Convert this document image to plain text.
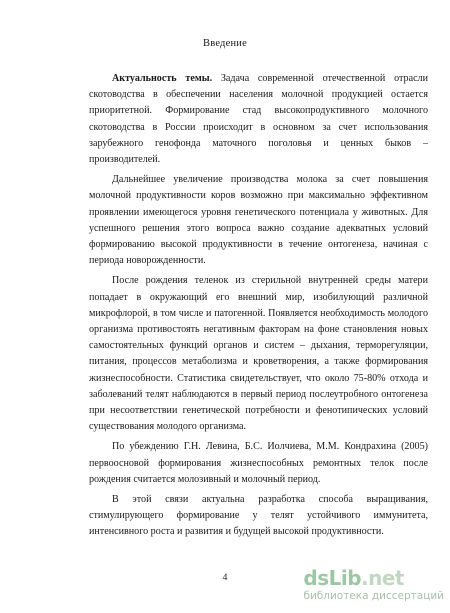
Введение

Актуальность темы. Задача современной отечественной отрасли скотоводства в обеспечении населения молочной продукцией остается приоритетной. Формирование стад высокопродуктивного молочного скотоводства в России происходит в основном за счет использования зарубежного генофонда маточного поголовья и ценных быков – производителей.

Дальнейшее увеличение производства молока за счет повышения молочной продуктивности коров возможно при максимально эффективном проявлении имеющегося уровня генетического потенциала у животных. Для успешного решения этого вопроса важно создание адекватных условий формированию высокой продуктивности в течение онтогенеза, начиная с периода новорожденности.

После рождения теленок из стерильной внутренней среды матери попадает в окружающий его внешний мир, изобилующий различной микрофлорой, в том числе и патогенной. Появляется необходимость молодого организма противостоять негативным факторам на фоне становления новых самостоятельных функций органов и систем – дыхания, терморегуляции, питания, процессов метаболизма и кроветворения, а также формирования жизнеспособности. Статистика свидетельствует, что около 75-80% отхода и заболеваний телят наблюдаются в первый период послеутробного онтогенеза при несоответствии генетической потребности и фенотипических условий существования молодого организма.

По убеждению Г.Н. Левина, Б.С. Иолчиева, М.М. Кондрахина (2005) первоосновой формирования жизнеспособных ремонтных телок после рождения считается молозивный и молочный период.

В этой связи актуальна разработка способа выращивания, стимулирующего формирование у телят устойчивого иммунитета, интенсивного роста и развития и будущей высокой продуктивности.

4	dsLib.net
библиотека диссертаций
